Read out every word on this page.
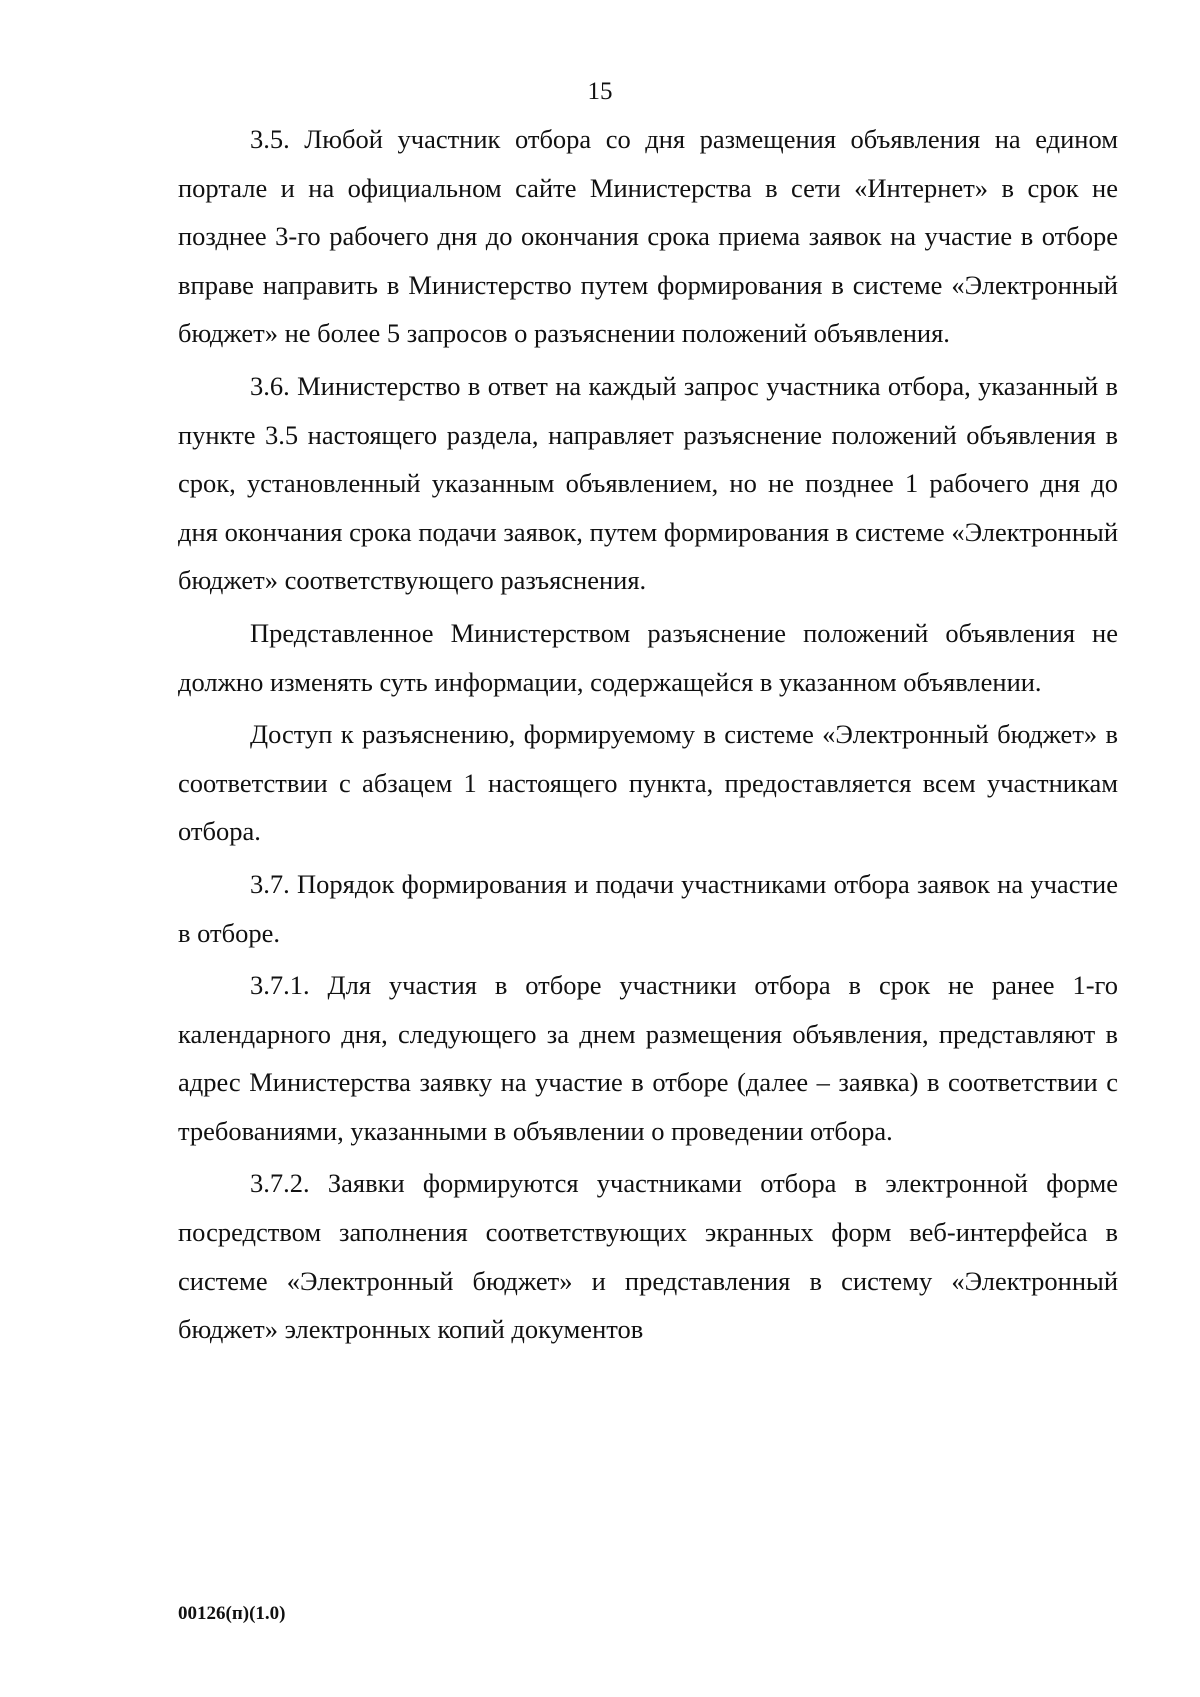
15

3.5. Любой участник отбора со дня размещения объявления на едином портале и на официальном сайте Министерства в сети «Интернет» в срок не позднее 3-го рабочего дня до окончания срока приема заявок на участие в отборе вправе направить в Министерство путем формирования в системе «Электронный бюджет» не более 5 запросов о разъяснении положений объявления.

3.6. Министерство в ответ на каждый запрос участника отбора, указанный в пункте 3.5 настоящего раздела, направляет разъяснение положений объявления в срок, установленный указанным объявлением, но не позднее 1 рабочего дня до дня окончания срока подачи заявок, путем формирования в системе «Электронный бюджет» соответствующего разъяснения.

Представленное Министерством разъяснение положений объявления не должно изменять суть информации, содержащейся в указанном объявлении.

Доступ к разъяснению, формируемому в системе «Электронный бюджет» в соответствии с абзацем 1 настоящего пункта, предоставляется всем участникам отбора.

3.7. Порядок формирования и подачи участниками отбора заявок на участие в отборе.

3.7.1. Для участия в отборе участники отбора в срок не ранее 1-го календарного дня, следующего за днем размещения объявления, представляют в адрес Министерства заявку на участие в отборе (далее – заявка) в соответствии с требованиями, указанными в объявлении о проведении отбора.

3.7.2. Заявки формируются участниками отбора в электронной форме посредством заполнения соответствующих экранных форм веб-интерфейса в системе «Электронный бюджет» и представления в систему «Электронный бюджет» электронных копий документов

00126(п)(1.0)
